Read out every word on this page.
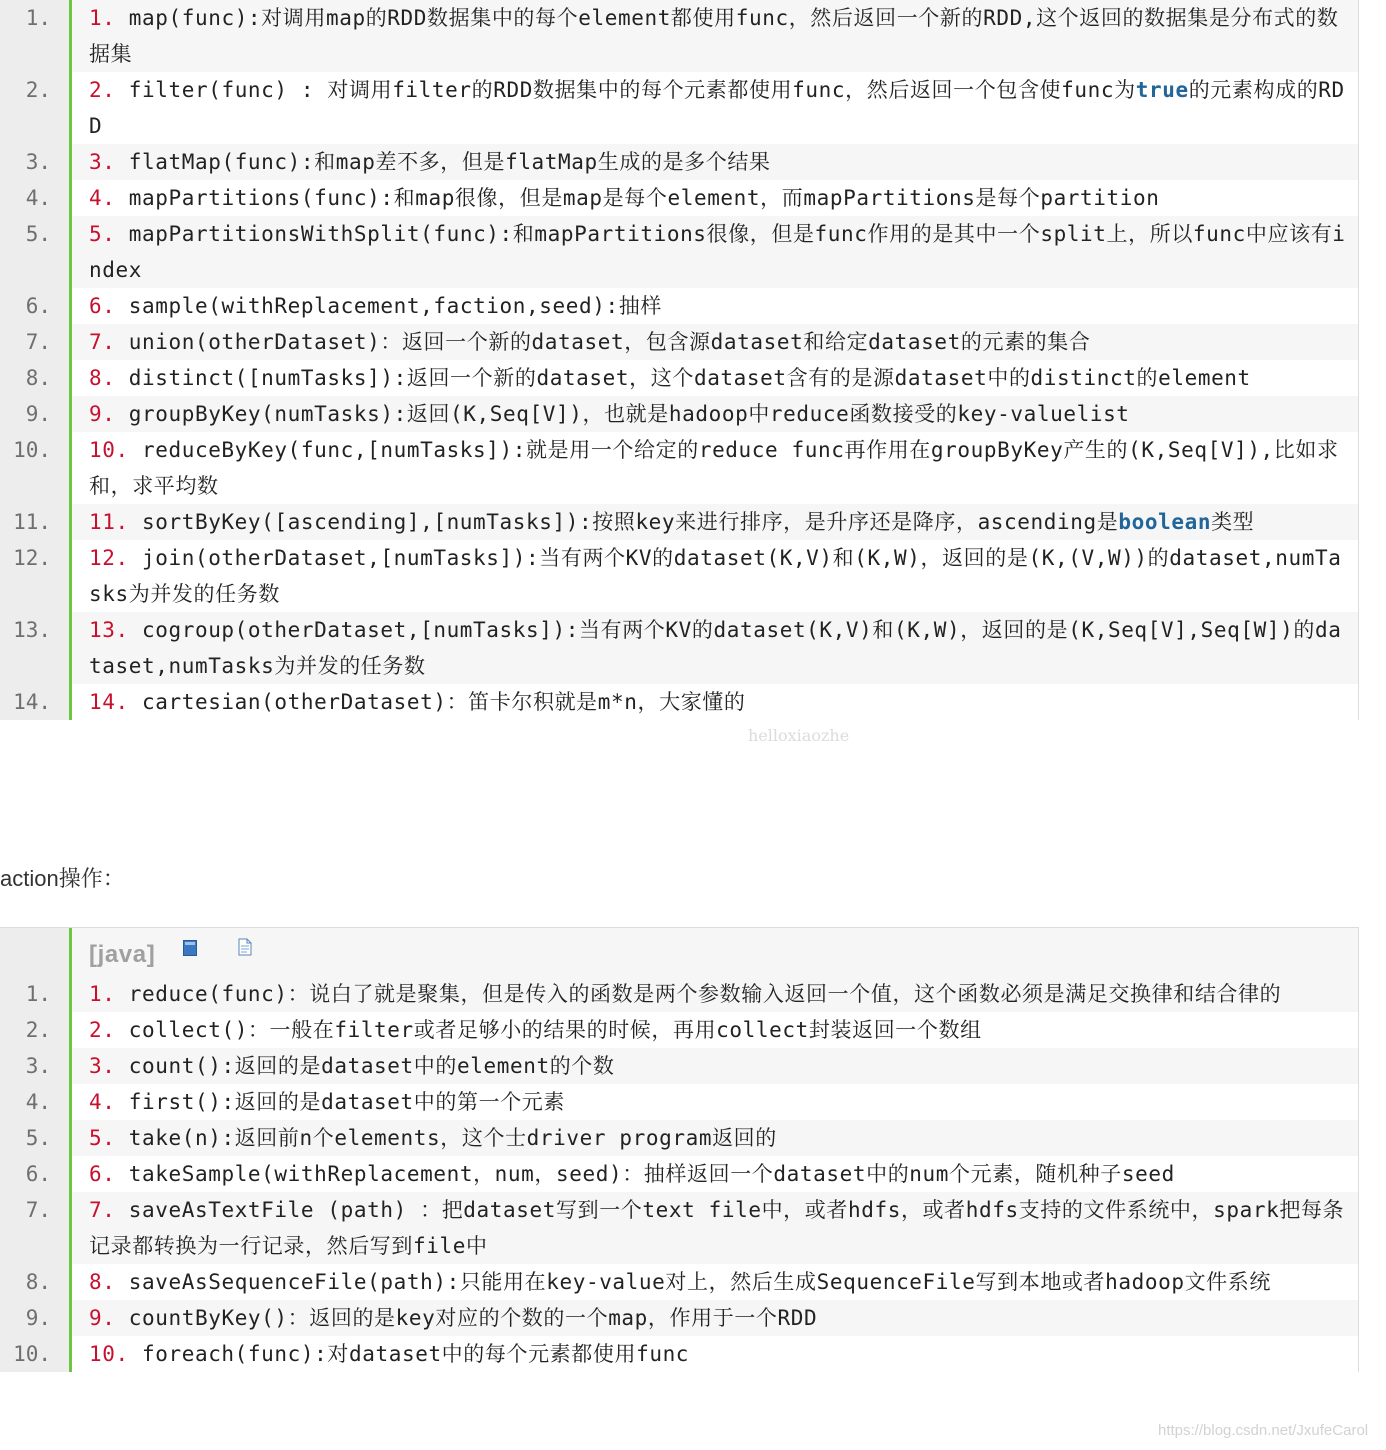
1.	1. map(func):对调用map的RDD数据集中的每个element都使用func，然后返回一个新的RDD,这个返回的数据集是分布式的数据集
2.	2. filter(func) : 对调用filter的RDD数据集中的每个元素都使用func，然后返回一个包含使func为true的元素构成的RDD
3.	3. flatMap(func):和map差不多，但是flatMap生成的是多个结果
4.	4. mapPartitions(func):和map很像，但是map是每个element，而mapPartitions是每个partition
5.	5. mapPartitionsWithSplit(func):和mapPartitions很像，但是func作用的是其中一个split上，所以func中应该有index
6.	6. sample(withReplacement,faction,seed):抽样
7.	7. union(otherDataset)：返回一个新的dataset，包含源dataset和给定dataset的元素的集合
8.	8. distinct([numTasks]):返回一个新的dataset，这个dataset含有的是源dataset中的distinct的element
9.	9. groupByKey(numTasks):返回(K,Seq[V])，也就是hadoop中reduce函数接受的key-valuelist
10.	10. reduceByKey(func,[numTasks]):就是用一个给定的reduce func再作用在groupByKey产生的(K,Seq[V]),比如求和，求平均数
11.	11. sortByKey([ascending],[numTasks]):按照key来进行排序，是升序还是降序，ascending是boolean类型
12.	12. join(otherDataset,[numTasks]):当有两个KV的dataset(K,V)和(K,W)，返回的是(K,(V,W))的dataset,numTasks为并发的任务数
13.	13. cogroup(otherDataset,[numTasks]):当有两个KV的dataset(K,V)和(K,W)，返回的是(K,Seq[V],Seq[W])的dataset,numTasks为并发的任务数
14.	14. cartesian(otherDataset)：笛卡尔积就是m*n，大家懂的
action操作：
[java]
1.	1. reduce(func)：说白了就是聚集，但是传入的函数是两个参数输入返回一个值，这个函数必须是满足交换律和结合律的
2.	2. collect()：一般在filter或者足够小的结果的时候，再用collect封装返回一个数组
3.	3. count():返回的是dataset中的element的个数
4.	4. first():返回的是dataset中的第一个元素
5.	5. take(n):返回前n个elements，这个士driver program返回的
6.	6. takeSample(withReplacement，num，seed)：抽样返回一个dataset中的num个元素，随机种子seed
7.	7. saveAsTextFile (path) ：把dataset写到一个text file中，或者hdfs，或者hdfs支持的文件系统中，spark把每条记录都转换为一行记录，然后写到file中
8.	8. saveAsSequenceFile(path):只能用在key-value对上，然后生成SequenceFile写到本地或者hadoop文件系统
9.	9. countByKey()：返回的是key对应的个数的一个map，作用于一个RDD
10.	10. foreach(func):对dataset中的每个元素都使用func
helloxiaozhe
https://blog.csdn.net/JxufeCarol
